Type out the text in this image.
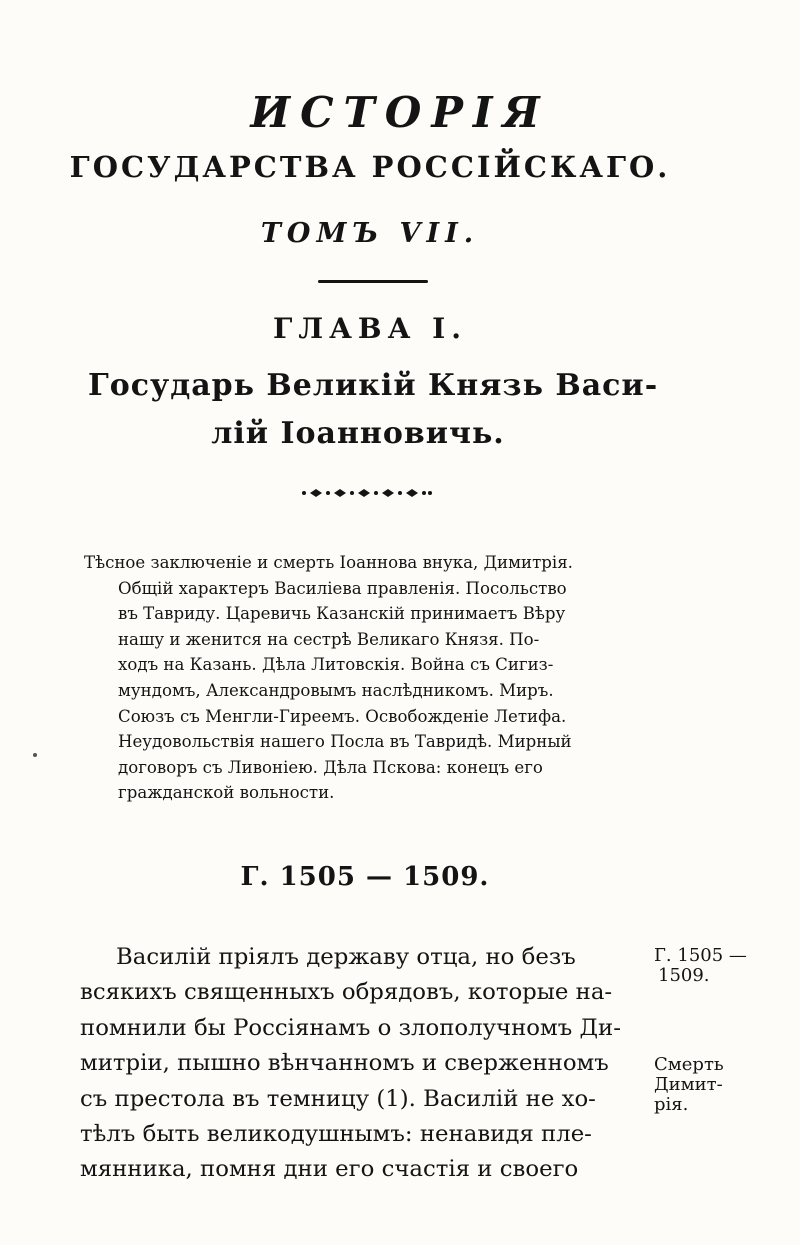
ИСТОРІЯ
ГОСУДАРСТВА РОССІЙСКАГО.
ТОМЪ VII.
ГЛАВА I.
Государь Великій Князь Васи-
лій Іоанновичь.
Тѣсное заключеніе и смерть Іоаннова внука, Димитрія.
Общій характеръ Василіева правленія. Посольство
въ Тавриду. Царевичь Казанскій принимаетъ Вѣру
нашу и женится на сестрѣ Великаго Князя. По-
ходъ на Казань. Дѣла Литовскія. Война съ Сигиз-
мундомъ, Александровымъ наслѣдникомъ. Миръ.
Союзъ съ Менгли-Гиреемъ. Освобожденіе Летифа.
Неудовольствія нашего Посла въ Тавридѣ. Мирный
договоръ съ Ливоніею. Дѣла Пскова: конецъ его
гражданской вольности.
Г. 1505 — 1509.
Василій пріялъ державу отца, но безъ
всякихъ священныхъ обрядовъ, которые на-
помнили бы Россіянамъ о злополучномъ Ди-
митріи, пышно вѣнчанномъ и сверженномъ
съ престола въ темницу (1). Василій не хо-
тѣлъ быть великодушнымъ: ненавидя пле-
мянника, помня дни его счастія и своего
Г. 1505 —
1509.
Смерть
Димит-
рія.
